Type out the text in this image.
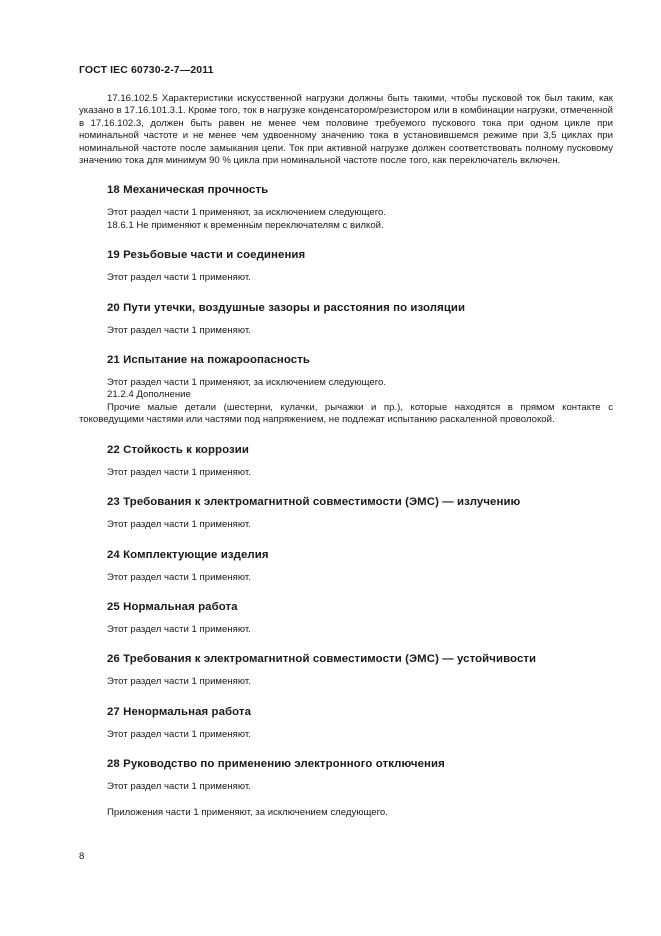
ГОСТ IEC 60730-2-7—2011

17.16.102.5 Характеристики искусственной нагрузки должны быть такими, чтобы пусковой ток был таким, как указано в 17.16.101.3.1. Кроме того, ток в нагрузке конденсатором/резистором или в комбинации нагрузки, отмеченной в 17.16.102.3, должен быть равен не менее чем половине требуемого пускового тока при одном цикле при номинальной частоте и не менее чем удвоенному значению тока в установившемся режиме при 3,5 циклах при номинальной частоте после замыкания цепи. Ток при активной нагрузке должен соответствовать полному пусковому значению тока для минимум 90 % цикла при номинальной частоте после того, как переключатель включен.

18 Механическая прочность

Этот раздел части 1 применяют, за исключением следующего.

18.6.1 Не применяют к временны́м переключателям с вилкой.

19 Резьбовые части и соединения

Этот раздел части 1 применяют.

20 Пути утечки, воздушные зазоры и расстояния по изоляции

Этот раздел части 1 применяют.

21 Испытание на пожароопасность

Этот раздел части 1 применяют, за исключением следующего.

21.2.4 Дополнение

Прочие малые детали (шестерни, кулачки, рычажки и пр.), которые находятся в прямом контакте с токоведущими частями или частями под напряжением, не подлежат испытанию раскаленной проволокой.

22 Стойкость к коррозии

Этот раздел части 1 применяют.

23 Требования к электромагнитной совместимости (ЭМС) — излучению

Этот раздел части 1 применяют.

24 Комплектующие изделия

Этот раздел части 1 применяют.

25 Нормальная работа

Этот раздел части 1 применяют.

26 Требования к электромагнитной совместимости (ЭМС) — устойчивости

Этот раздел части 1 применяют.

27 Ненормальная работа

Этот раздел части 1 применяют.

28 Руководство по применению электронного отключения

Этот раздел части 1 применяют.

Приложения части 1 применяют, за исключением следующего.

8
